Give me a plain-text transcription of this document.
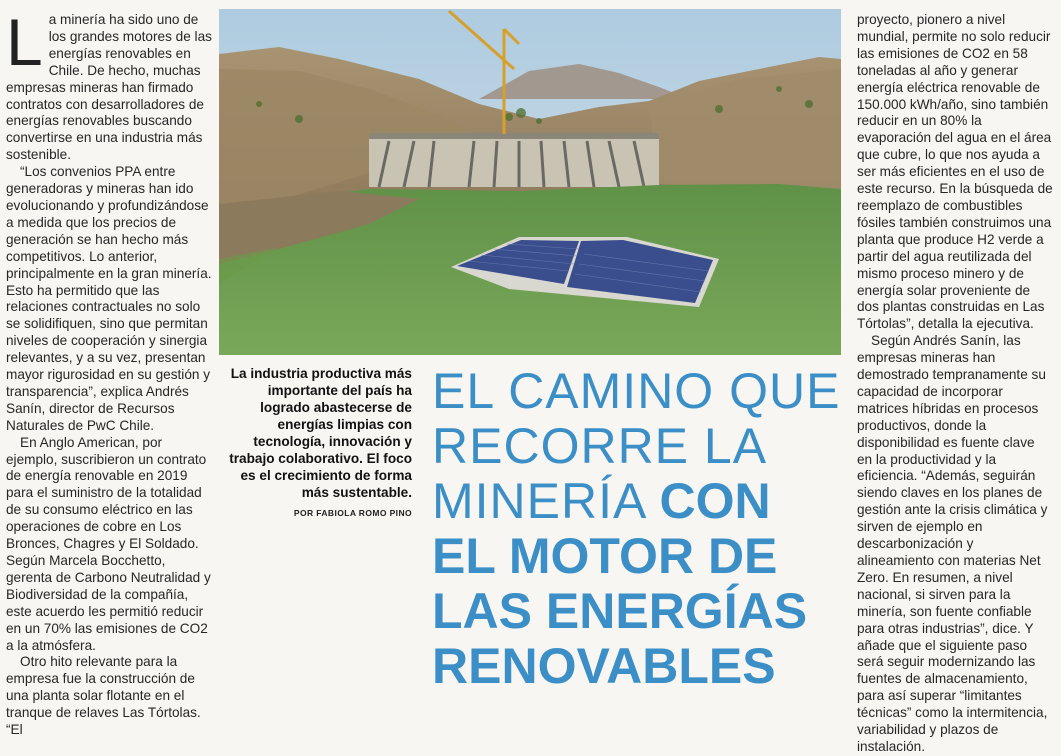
L a minería ha sido uno de los grandes motores de las energías renovables en Chile. De hecho, muchas empresas mineras han firmado contratos con desarrolladores de energías renovables buscando convertirse en una industria más sostenible.

“Los convenios PPA entre generadoras y mineras han ido evolucionando y profundizándose a medida que los precios de generación se han hecho más competitivos. Lo anterior, principalmente en la gran minería. Esto ha permitido que las relaciones contractuales no solo se solidifiquen, sino que permitan niveles de cooperación y sinergia relevantes, y a su vez, presentan mayor rigurosidad en su gestión y transparencia”, explica Andrés Sanín, director de Recursos Naturales de PwC Chile.

En Anglo American, por ejemplo, suscribieron un contrato de energía renovable en 2019 para el suministro de la totalidad de su consumo eléctrico en las operaciones de cobre en Los Bronces, Chagres y El Soldado. Según Marcela Bocchetto, gerenta de Carbono Neutralidad y Biodiversidad de la compañía, este acuerdo les permitió reducir en un 70% las emisiones de CO2 a la atmósfera.

Otro hito relevante para la empresa fue la construcción de una planta solar flotante en el tranque de relaves Las Tórtolas. “El

La industria productiva más importante del país ha logrado abastecerse de energías limpias con tecnología, innovación y trabajo colaborativo. El foco es el crecimiento de forma más sustentable.
POR FABIOLA ROMO PINO
EL CAMINO QUE
RECORRE LA
MINERÍA CON
EL MOTOR DE
LAS ENERGÍAS
RENOVABLES

proyecto, pionero a nivel mundial, permite no solo reducir las emisiones de CO2 en 58 toneladas al año y generar energía eléctrica renovable de 150.000 kWh/año, sino también reducir en un 80% la evaporación del agua en el área que cubre, lo que nos ayuda a ser más eficientes en el uso de este recurso. En la búsqueda de reemplazo de combustibles fósiles también construimos una planta que produce H2 verde a partir del agua reutilizada del mismo proceso minero y de energía solar proveniente de dos plantas construidas en Las Tórtolas”, detalla la ejecutiva.

Según Andrés Sanín, las empresas mineras han demostrado tempranamente su capacidad de incorporar matrices híbridas en procesos productivos, donde la disponibilidad es fuente clave en la productividad y la eficiencia. “Además, seguirán siendo claves en los planes de gestión ante la crisis climática y sirven de ejemplo en descarbonización y alineamiento con materias Net Zero. En resumen, a nivel nacional, si sirven para la minería, son fuente confiable para otras industrias”, dice. Y añade que el siguiente paso será seguir modernizando las fuentes de almacenamiento, para así superar “limitantes técnicas” como la intermitencia, variabilidad y plazos de instalación.
